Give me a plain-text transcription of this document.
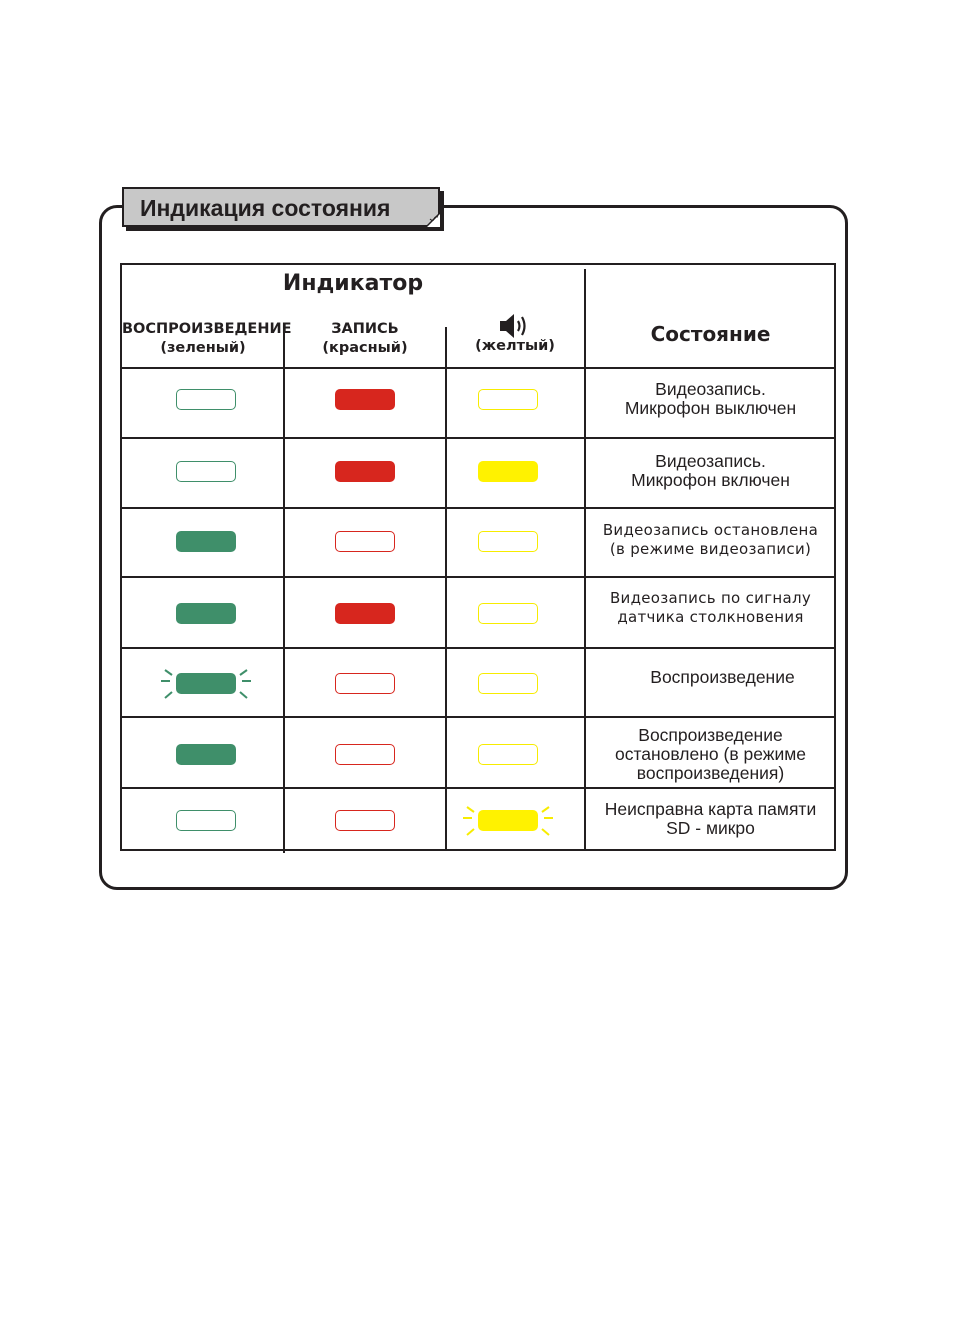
Индикация состояния
Индикатор
ВОСПРОИЗВЕДЕНИЕ
(зеленый)
ЗАПИСЬ
(красный)	(желтый)	Состояние
Видеозапись.
Микрофон выключен
Видеозапись.
Микрофон включен
Видеозапись остановлена
(в режиме видеозаписи)
Видеозапись по сигналу
датчика столкновения
Воспроизведение
Воспроизведение
остановлено (в режиме
воспроизведения)
Неисправна карта памяти
SD - микро
